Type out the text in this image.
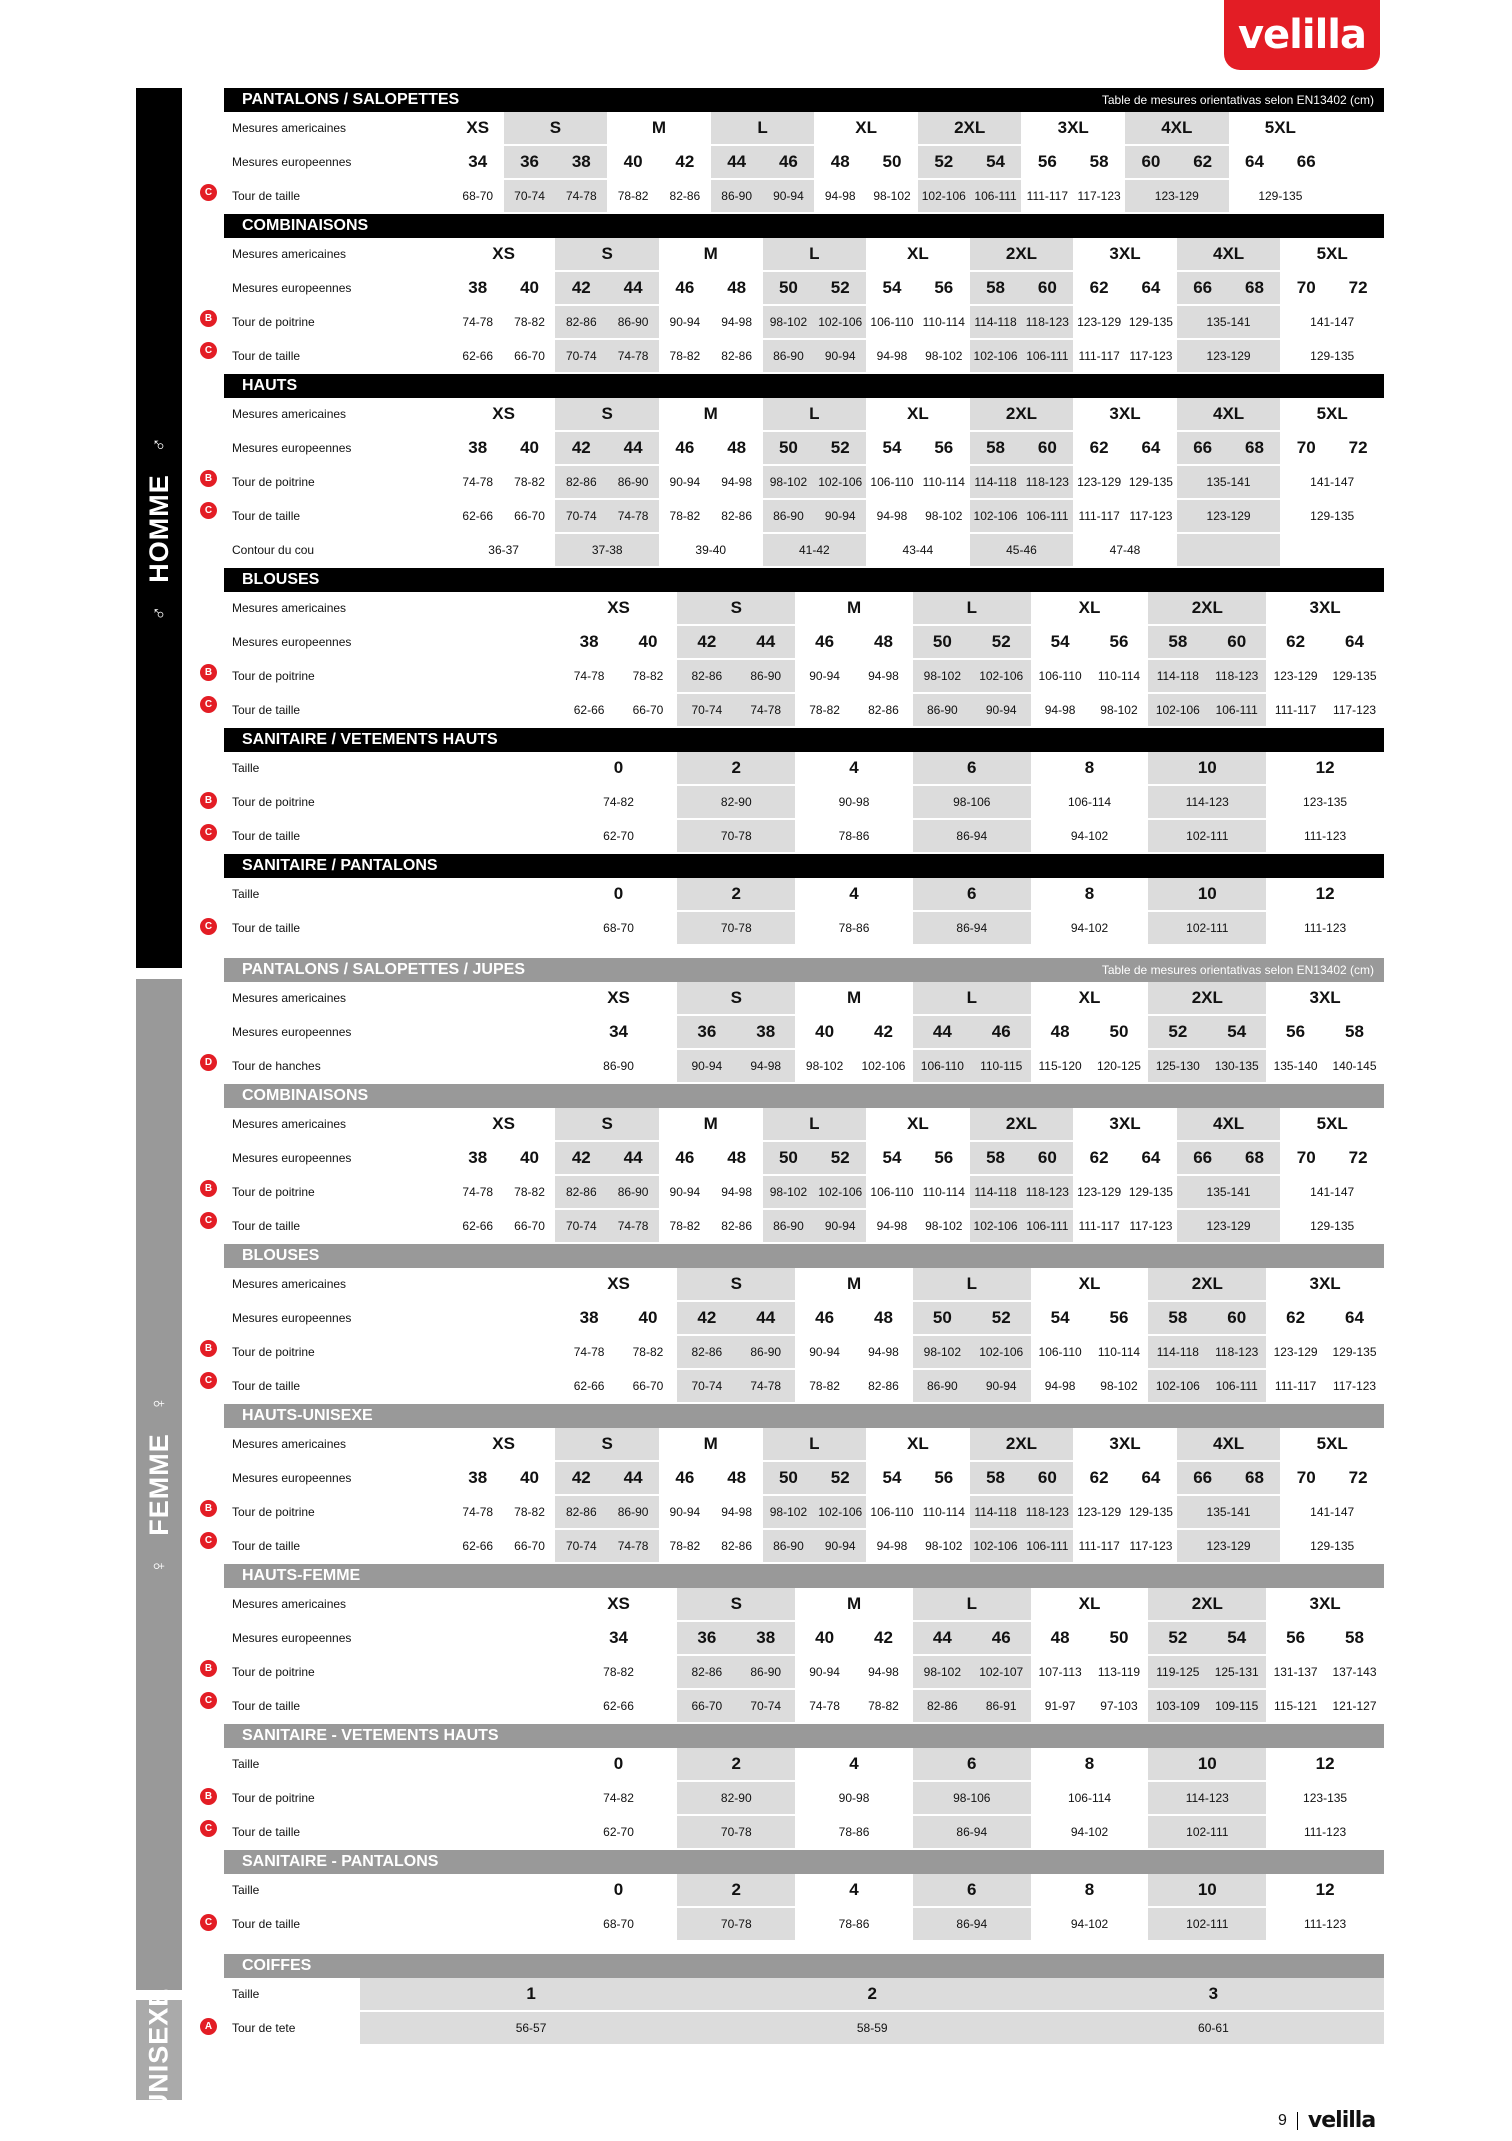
velilla
♂
HOMME
♂
♀
FEMME
♀
UNISEXE
PANTALONS / SALOPETTES	Table de mesures orientativas selon EN13402 (cm)
Mesures americaines	XS	S		M		L		XL		2XL		3XL		4XL		5XL	
Mesures europeennes	34	36	38	40	42	44	46	48	50	52	54	56	58	60	62	64	66
Tour de taille	68-70	70-74	74-78	78-82	82-86	86-90	90-94	94-98	98-102	102-106	106-111	111-117	117-123	123-129		129-135	
C
COMBINAISONS
Mesures americaines	XS		S		M		L		XL		2XL		3XL		4XL		5XL	
Mesures europeennes	38	40	42	44	46	48	50	52	54	56	58	60	62	64	66	68	70	72
Tour de poitrine	74-78	78-82	82-86	86-90	90-94	94-98	98-102	102-106	106-110	110-114	114-118	118-123	123-129	129-135	135-141		141-147	
Tour de taille	62-66	66-70	70-74	74-78	78-82	82-86	86-90	90-94	94-98	98-102	102-106	106-111	111-117	117-123	123-129		129-135	
B
C
HAUTS
Mesures americaines	XS		S		M		L		XL		2XL		3XL		4XL		5XL	
Mesures europeennes	38	40	42	44	46	48	50	52	54	56	58	60	62	64	66	68	70	72
Tour de poitrine	74-78	78-82	82-86	86-90	90-94	94-98	98-102	102-106	106-110	110-114	114-118	118-123	123-129	129-135	135-141		141-147	
Tour de taille	62-66	66-70	70-74	74-78	78-82	82-86	86-90	90-94	94-98	98-102	102-106	106-111	111-117	117-123	123-129		129-135	
Contour du cou	36-37		37-38		39-40		41-42		43-44		45-46		47-48					
B
C
BLOUSES
Mesures americaines	XS		S		M		L		XL		2XL		3XL	
Mesures europeennes	38	40	42	44	46	48	50	52	54	56	58	60	62	64
Tour de poitrine	74-78	78-82	82-86	86-90	90-94	94-98	98-102	102-106	106-110	110-114	114-118	118-123	123-129	129-135
Tour de taille	62-66	66-70	70-74	74-78	78-82	82-86	86-90	90-94	94-98	98-102	102-106	106-111	111-117	117-123
B
C
SANITAIRE / VETEMENTS HAUTS
Taille	0	2	4	6	8	10	12
Tour de poitrine	74-82	82-90	90-98	98-106	106-114	114-123	123-135
Tour de taille	62-70	70-78	78-86	86-94	94-102	102-111	111-123
B
C
SANITAIRE / PANTALONS
Taille	0	2	4	6	8	10	12
Tour de taille	68-70	70-78	78-86	86-94	94-102	102-111	111-123
C
PANTALONS / SALOPETTES / JUPES	Table de mesures orientativas selon EN13402 (cm)
Mesures americaines	XS	S		M		L		XL		2XL		3XL	
Mesures europeennes	34	36	38	40	42	44	46	48	50	52	54	56	58
Tour de hanches	86-90	90-94	94-98	98-102	102-106	106-110	110-115	115-120	120-125	125-130	130-135	135-140	140-145
D
COMBINAISONS
Mesures americaines	XS		S		M		L		XL		2XL		3XL		4XL		5XL	
Mesures europeennes	38	40	42	44	46	48	50	52	54	56	58	60	62	64	66	68	70	72
Tour de poitrine	74-78	78-82	82-86	86-90	90-94	94-98	98-102	102-106	106-110	110-114	114-118	118-123	123-129	129-135	135-141		141-147	
Tour de taille	62-66	66-70	70-74	74-78	78-82	82-86	86-90	90-94	94-98	98-102	102-106	106-111	111-117	117-123	123-129		129-135	
B
C
BLOUSES
Mesures americaines	XS		S		M		L		XL		2XL		3XL	
Mesures europeennes	38	40	42	44	46	48	50	52	54	56	58	60	62	64
Tour de poitrine	74-78	78-82	82-86	86-90	90-94	94-98	98-102	102-106	106-110	110-114	114-118	118-123	123-129	129-135
Tour de taille	62-66	66-70	70-74	74-78	78-82	82-86	86-90	90-94	94-98	98-102	102-106	106-111	111-117	117-123
B
C
HAUTS-UNISEXE
Mesures americaines	XS		S		M		L		XL		2XL		3XL		4XL		5XL	
Mesures europeennes	38	40	42	44	46	48	50	52	54	56	58	60	62	64	66	68	70	72
Tour de poitrine	74-78	78-82	82-86	86-90	90-94	94-98	98-102	102-106	106-110	110-114	114-118	118-123	123-129	129-135	135-141		141-147	
Tour de taille	62-66	66-70	70-74	74-78	78-82	82-86	86-90	90-94	94-98	98-102	102-106	106-111	111-117	117-123	123-129		129-135	
B
C
HAUTS-FEMME
Mesures americaines	XS	S		M		L		XL		2XL		3XL	
Mesures europeennes	34	36	38	40	42	44	46	48	50	52	54	56	58
Tour de poitrine	78-82	82-86	86-90	90-94	94-98	98-102	102-107	107-113	113-119	119-125	125-131	131-137	137-143
Tour de taille	62-66	66-70	70-74	74-78	78-82	82-86	86-91	91-97	97-103	103-109	109-115	115-121	121-127
B
C
SANITAIRE - VETEMENTS HAUTS
Taille	0	2	4	6	8	10	12
Tour de poitrine	74-82	82-90	90-98	98-106	106-114	114-123	123-135
Tour de taille	62-70	70-78	78-86	86-94	94-102	102-111	111-123
B
C
SANITAIRE - PANTALONS
Taille	0	2	4	6	8	10	12
Tour de taille	68-70	70-78	78-86	86-94	94-102	102-111	111-123
C
COIFFES
Taille	1	2	3
Tour de tete	56-57	58-59	60-61
A
9 velilla
